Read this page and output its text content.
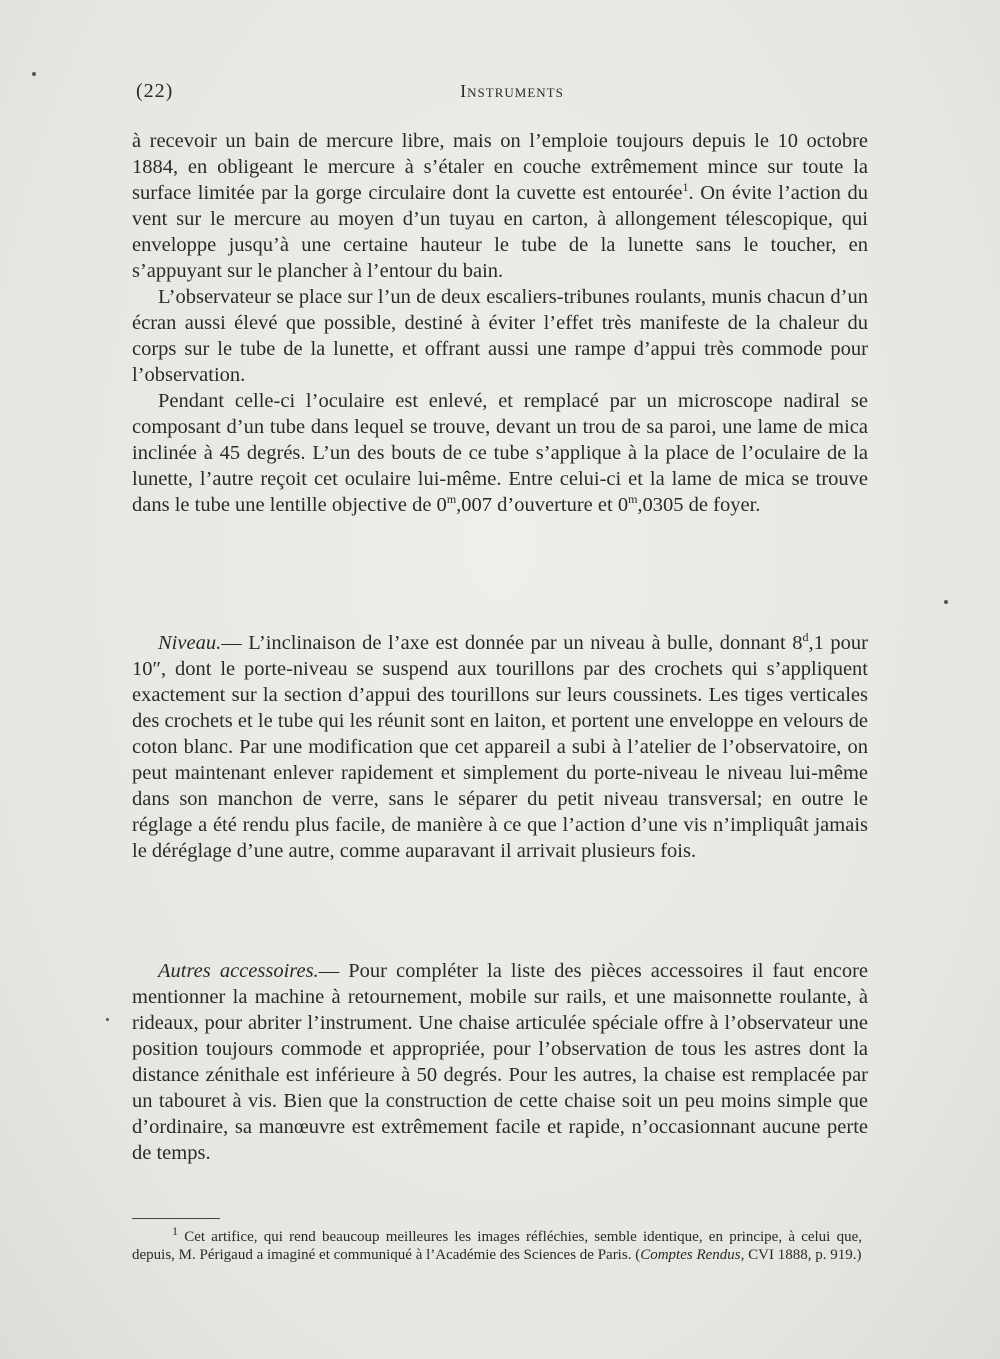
(22)	Instruments

à recevoir un bain de mercure libre, mais on l’emploie toujours depuis le 10 octobre 1884, en obligeant le mercure à s’étaler en couche extrêmement mince sur toute la surface limitée par la gorge circulaire dont la cuvette est entourée$^1$. On évite l’action du vent sur le mercure au moyen d’un tuyau en carton, à allongement télescopique, qui enveloppe jusqu’à une certaine hauteur le tube de la lunette sans le toucher, en s’appuyant sur le plancher à l’entour du bain.

L’observateur se place sur l’un de deux escaliers-tribunes roulants, munis chacun d’un écran aussi élevé que possible, destiné à éviter l’effet très manifeste de la chaleur du corps sur le tube de la lunette, et offrant aussi une rampe d’appui très commode pour l’observation.

Pendant celle-ci l’oculaire est enlevé, et remplacé par un microscope nadiral se composant d’un tube dans lequel se trouve, devant un trou de sa paroi, une lame de mica inclinée à 45 degrés. L’un des bouts de ce tube s’applique à la place de l’oculaire de la lunette, l’autre reçoit cet oculaire lui-même. Entre celui-ci et la lame de mica se trouve dans le tube une lentille objective de 0$^m$,007 d’ouverture et 0$^m$,0305 de foyer.

Niveau.— L’inclinaison de l’axe est donnée par un niveau à bulle, donnant 8$^d$,1 pour 10″, dont le porte-niveau se suspend aux tourillons par des crochets qui s’appliquent exactement sur la section d’appui des tourillons sur leurs coussinets. Les tiges verticales des crochets et le tube qui les réunit sont en laiton, et portent une enveloppe en velours de coton blanc. Par une modification que cet appareil a subi à l’atelier de l’observatoire, on peut maintenant enlever rapidement et simplement du porte-niveau le niveau lui-même dans son manchon de verre, sans le séparer du petit niveau transversal; en outre le réglage a été rendu plus facile, de manière à ce que l’action d’une vis n’impliquât jamais le déréglage d’une autre, comme auparavant il arrivait plusieurs fois.

Autres accessoires.— Pour compléter la liste des pièces accessoires il faut encore mentionner la machine à retournement, mobile sur rails, et une maisonnette roulante, à rideaux, pour abriter l’instrument. Une chaise articulée spéciale offre à l’observateur une position toujours commode et appropriée, pour l’observation de tous les astres dont la distance zénithale est inférieure à 50 degrés. Pour les autres, la chaise est remplacée par un tabouret à vis. Bien que la construction de cette chaise soit un peu moins simple que d’ordinaire, sa manœuvre est extrêmement facile et rapide, n’occasionnant aucune perte de temps.

$^1$ Cet artifice, qui rend beaucoup meilleures les images réfléchies, semble identique, en principe, à celui que, depuis, M. Périgaud a imaginé et communiqué à l’Académie des Sciences de Paris. (Comptes Rendus, CVI 1888, p. 919.)
